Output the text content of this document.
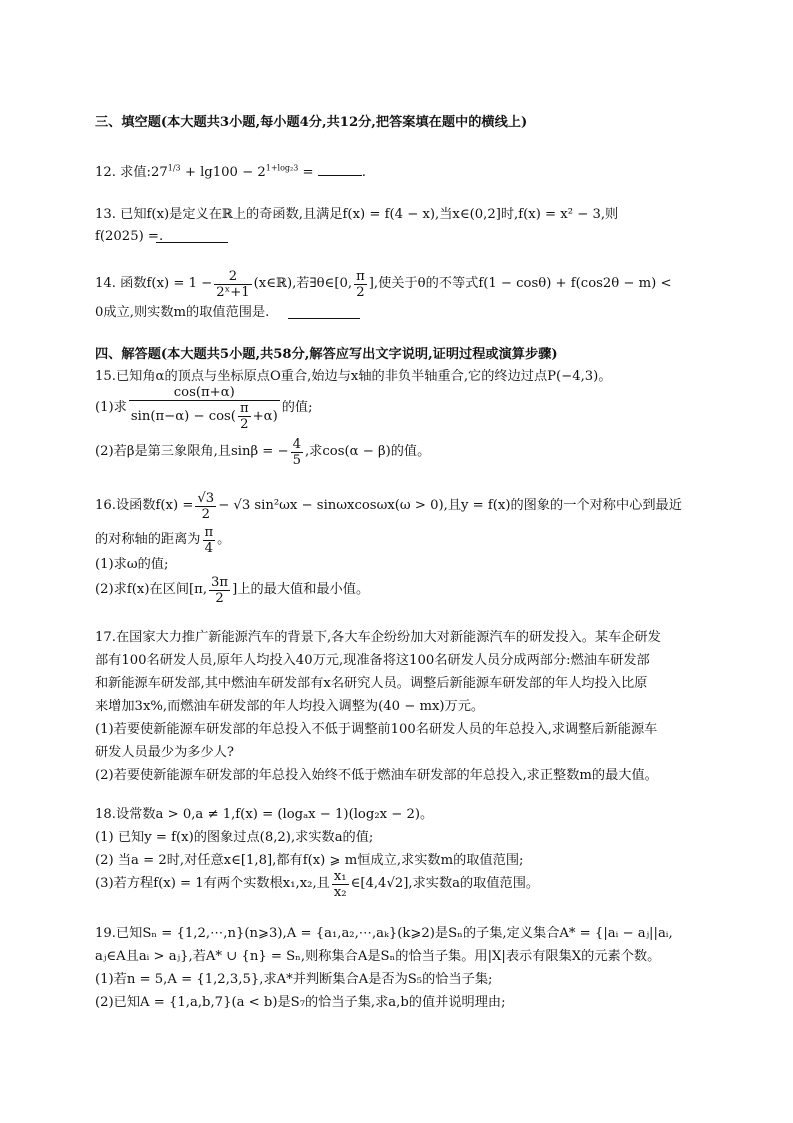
三、填空题(本大题共3小题,每小题4分,共12分,把答案填在题中的横线上)
12. 求值$:27^{1/3} + \lg 100 - 2^{1+log_23}$ =	.
13. 已知f(x)是定义在ℝ上的奇函数,且满足f(x) = f(4 − x),当x∈(0,2]时,f(x) = x² − 3,则
f(2025) =.
14. 函数$f(x) = 1 - \frac{2}{\text{2ˣ+1}}$ (x∈ℝ),若∃θ∈[0, $\frac{\pi}{2}$ ],使关于θ的不等式f(1 − cosθ) + f(cos2θ − m) <
0成立,则实数m的取值范围是.
四、解答题(本大题共5小题,共58分,解答应写出文字说明,证明过程或演算步骤)
15.已知角α的顶点与坐标原点O重合,始边与x轴的非负半轴重合,它的终边过点P(−4,3)。
(1)求 $\frac{\cos(\pi+\alpha)}{\sin(\pi-\alpha) - \cos( \frac{\pi}{2} +\alpha)}$ 的值;
(2)若β是第三象限角,且sinβ = − $\frac{4}{5}$ ,求cos(α − β)的值。
16.设函数$f(x) = \frac{√3}{2} - √3$ sin²ωx − sinωxcosωx(ω > 0),且y = f(x)的图象的一个对称中心到最近
的对称轴的距离为 $\frac{\pi}{4}$ 。
(1)求ω的值;
(2)求f(x)在区间[π, $\frac{3\pi}{2}$ ]上的最大值和最小值。
17.在国家大力推广新能源汽车的背景下,各大车企纷纷加大对新能源汽车的研发投入。某车企研发
部有100名研发人员,原年人均投入40万元,现准备将这100名研发人员分成两部分:燃油车研发部
和新能源车研发部,其中燃油车研发部有x名研究人员。调整后新能源车研发部的年人均投入比原
来增加3x%,而燃油车研发部的年人均投入调整为(40 − mx)万元。
(1)若要使新能源车研发部的年总投入不低于调整前100名研发人员的年总投入,求调整后新能源车
研发人员最少为多少人?
(2)若要使新能源车研发部的年总投入始终不低于燃油车研发部的年总投入,求正整数m的最大值。
18.设常数a > 0,a ≠ 1,f(x) = (logₐx − 1)(log₂x − 2)。
(1) 已知y = f(x)的图象过点(8,2),求实数a的值;
(2) 当a = 2时,对任意x∈[1,8],都有f(x) ⩾ m恒成立,求实数m的取值范围;
(3)若方程f(x) = 1有两个实数根x₁,x₂,且 $\frac{\text{x₁}}{\text{x₂}}$ ∈[4,4√2],求实数a的取值范围。
19.已知Sₙ = {1,2,⋯,n}(n⩾3),A = {a₁,a₂,⋯,aₖ}(k⩾2)是Sₙ的子集,定义集合A* = {|aᵢ − aⱼ||aᵢ,
aⱼ∈A且aᵢ > aⱼ},若A* ∪ {n} = Sₙ,则称集合A是Sₙ的恰当子集。用|X|表示有限集X的元素个数。
(1)若n = 5,A = {1,2,3,5},求A*并判断集合A是否为S₅的恰当子集;
(2)已知A = {1,a,b,7}(a < b)是S₇的恰当子集,求a,b的值并说明理由;
